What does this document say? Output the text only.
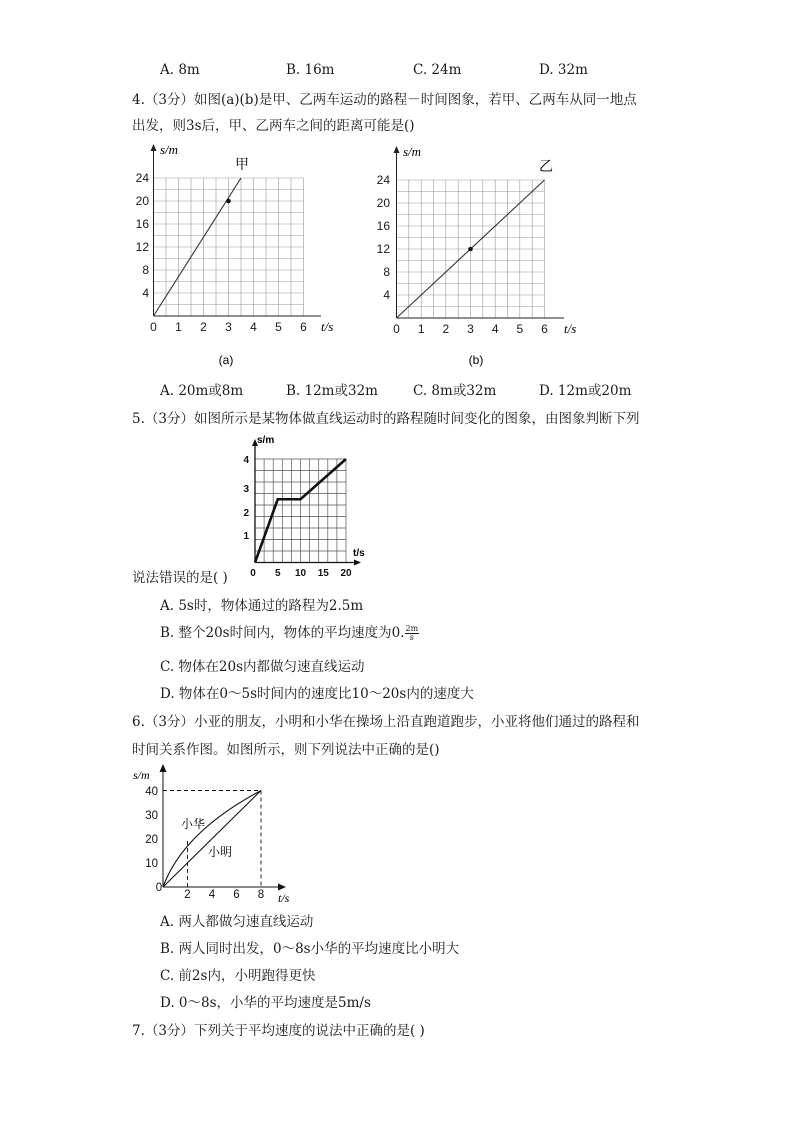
A. 8m	B. 16m	C. 24m	D. 32m
4.（3分）如图(a)(b)是甲、乙两车运动的路程－时间图象，若甲、乙两车从同一地点
出发，则3s后，甲、乙两车之间的距离可能是()
s/m
t/s
甲
24
20
16
12
8
4
0 1 2 3 4 5 6
(a)
s/m
t/s
乙
24
20
16
12
8
4
0 1 2 3 4 5 6
(b)
A. 20m或8m	B. 12m或32m	C. 8m或32m	D. 12m或20m
5.（3分）如图所示是某物体做直线运动时的路程随时间变化的图象，由图象判断下列
s/m
t/s
4
3
2
1
0 5 10 15 20
说法错误的是( )
A. 5s时，物体通过的路程为2.5m
B. 整个20s时间内，物体的平均速度为0. $\frac{2m}{s}$
C. 物体在20s内都做匀速直线运动
D. 物体在0～5s时间内的速度比10～20s内的速度大
6.（3分）小亚的朋友，小明和小华在操场上沿直跑道跑步，小亚将他们通过的路程和
时间关系作图。如图所示，则下列说法中正确的是()
s/m
t/s
小华
小明
40
30
20
10
0
2 4 6 8
A. 两人都做匀速直线运动
B. 两人同时出发，0～8s小华的平均速度比小明大
C. 前2s内，小明跑得更快
D. 0～8s，小华的平均速度是5m/s
7.（3分）下列关于平均速度的说法中正确的是( )
